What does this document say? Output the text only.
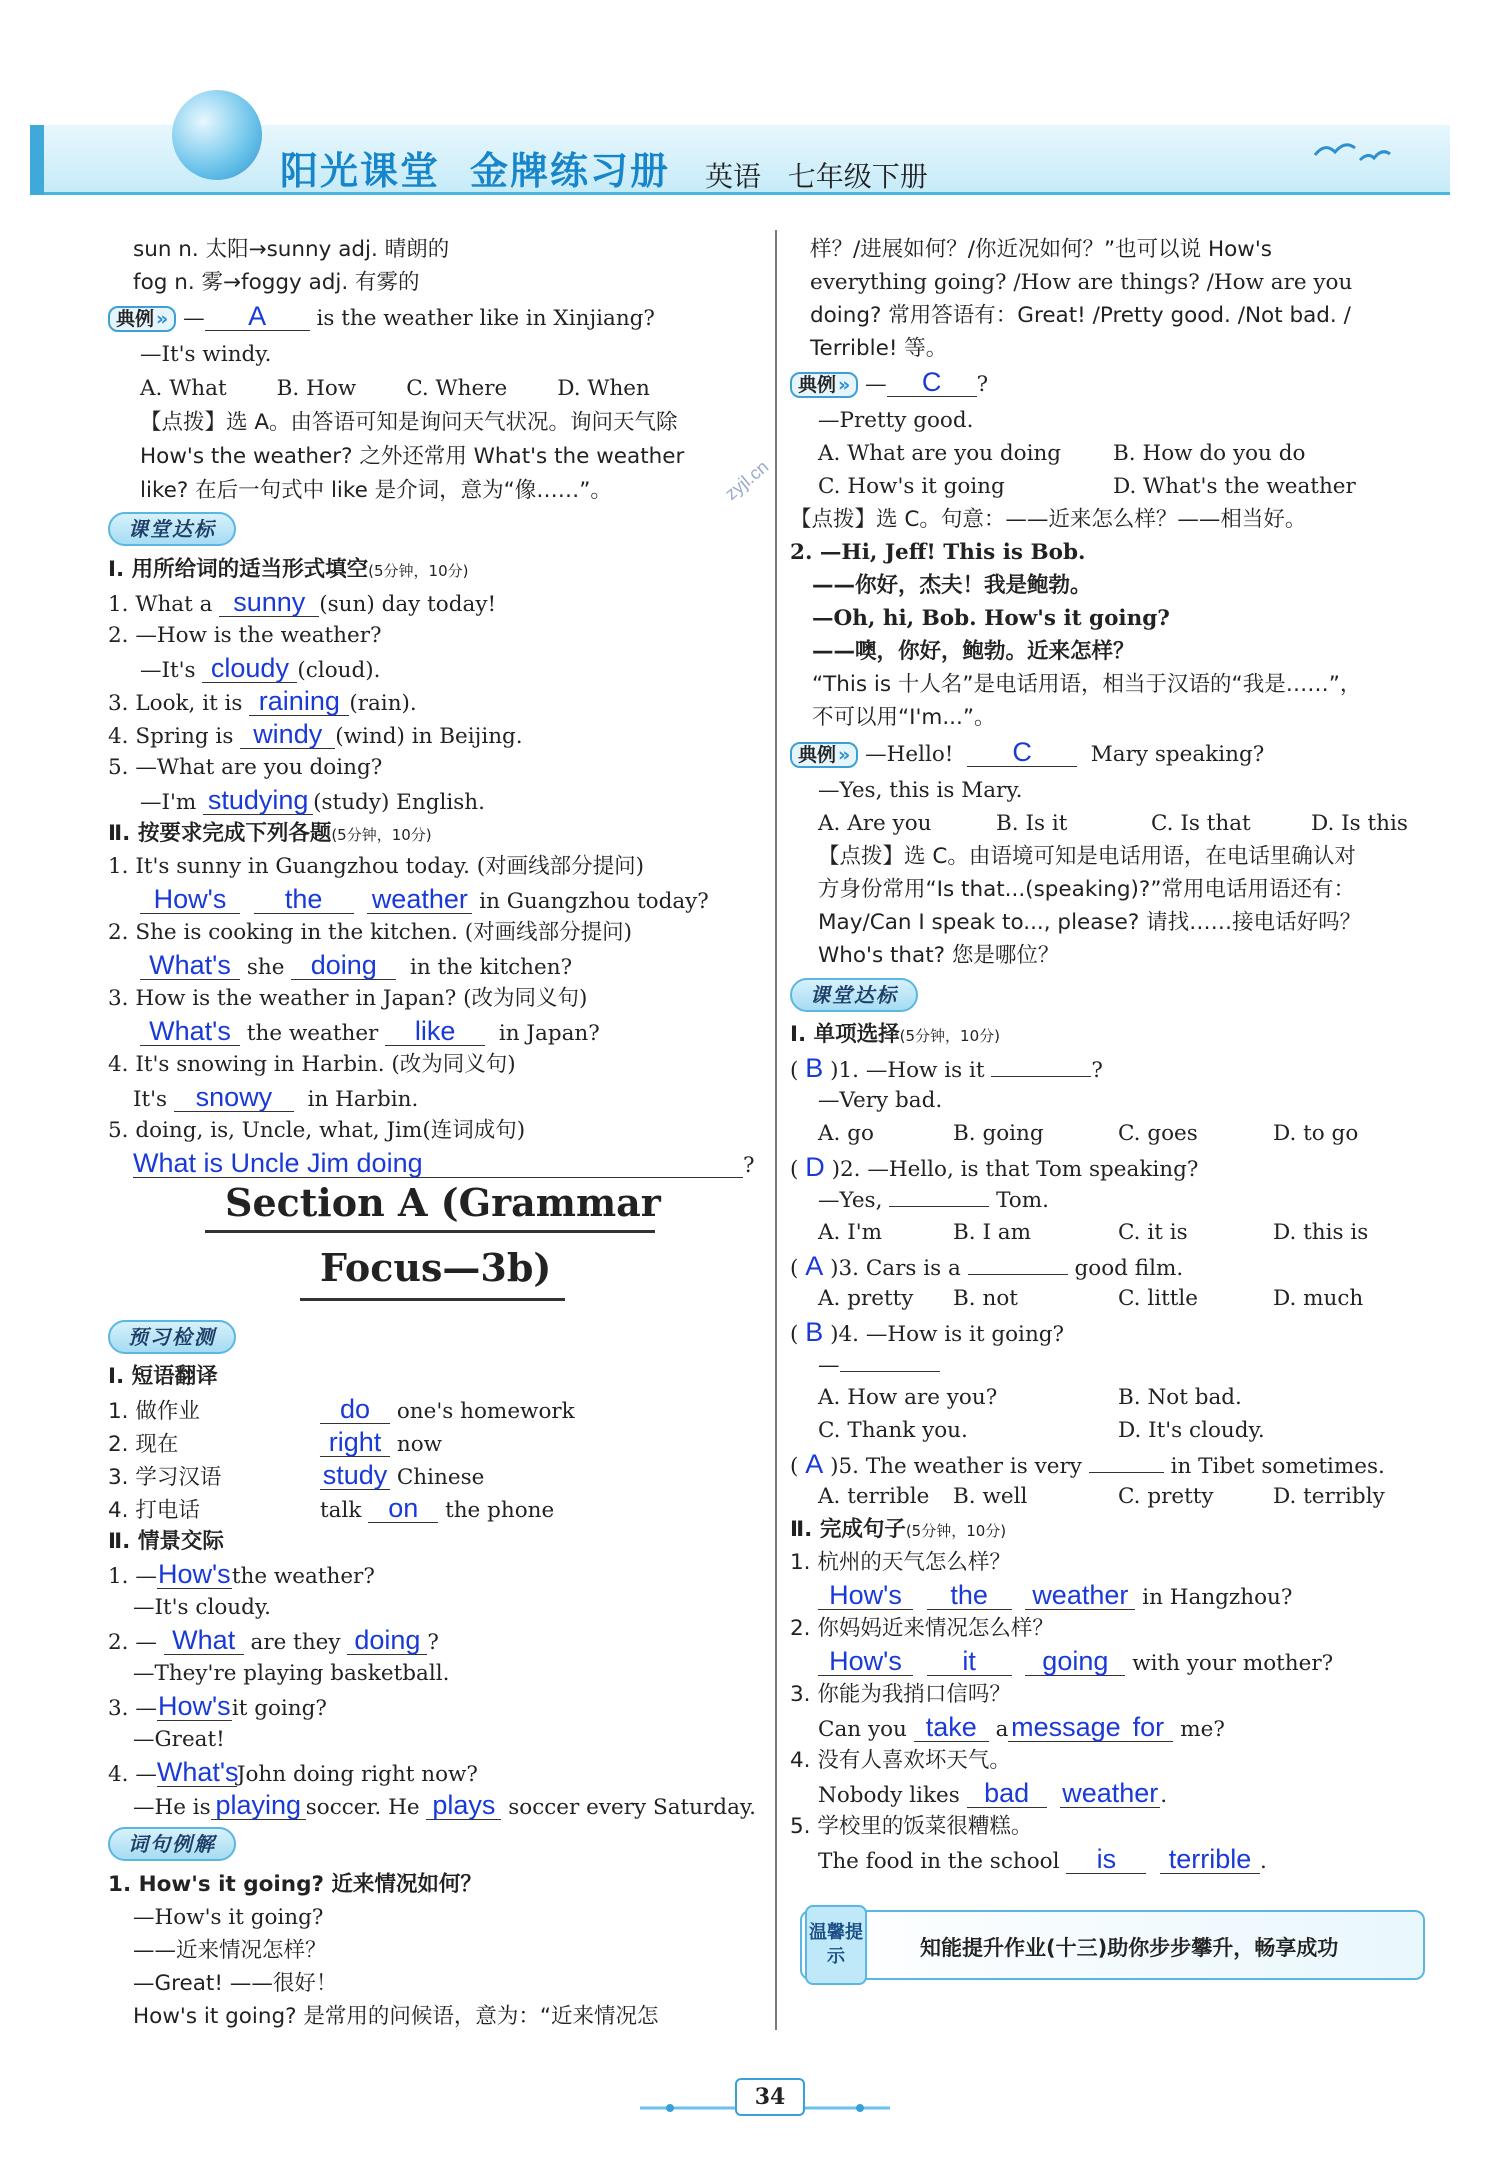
阳光课堂 金牌练习册 英语 七年级下册
zyjl.cn
sun n. 太阳→sunny adj. 晴朗的
fog n. 雾→foggy adj. 有雾的
典例 » — A is the weather like in Xinjiang?
—It's windy.
A. What B. How C. Where D. When
【点拨】选 A。由答语可知是询问天气状况。询问天气除
How's the weather? 之外还常用 What's the weather
like? 在后一句式中 like 是介词，意为“像……”。
课堂达标
Ⅰ. 用所给词的适当形式填空(5分钟，10分)
1. What a sunny (sun) day today!
2. —How is the weather?
—It's cloudy (cloud).
3. Look, it is raining (rain).
4. Spring is windy (wind) in Beijing.
5. —What are you doing?
—I'm studying (study) English.
Ⅱ. 按要求完成下列各题(5分钟，10分)
1. It's sunny in Guangzhou today. (对画线部分提问)
How's the weather in Guangzhou today?
2. She is cooking in the kitchen. (对画线部分提问)
What's she doing in the kitchen?
3. How is the weather in Japan? (改为同义句)
What's the weather like in Japan?
4. It's snowing in Harbin. (改为同义句)
It's snowy in Harbin.
5. doing, is, Uncle, what, Jim(连词成句)
What is Uncle Jim doing	?
Section A (Grammar
Focus—3b)
预习检测
Ⅰ. 短语翻译
1. 做作业	do one's homework
2. 现在	right now
3. 学习汉语	study Chinese
4. 打电话	talk on the phone
Ⅱ. 情景交际
1. —How'sthe weather?
—It's cloudy.
2. — What are they doing ?
—They're playing basketball.
3. —How'sit going?
—Great!
4. —What'sJohn doing right now?
—He is playing soccer. He plays soccer every Saturday.
词句例解
1. How's it going? 近来情况如何？
—How's it going?
——近来情况怎样？
—Great! ——很好！
How's it going? 是常用的问候语，意为：“近来情况怎
样？/进展如何？/你近况如何？”也可以说 How's
everything going? /How are things? /How are you
doing? 常用答语有：Great! /Pretty good. /Not bad. /
Terrible! 等。
典例 » — C ?
—Pretty good.
A. What are you doing B. How do you do
C. How's it going	D. What's the weather
【点拨】选 C。句意：——近来怎么样？——相当好。
2. —Hi, Jeff! This is Bob.
——你好，杰夫！我是鲍勃。
—Oh, hi, Bob. How's it going?
——噢，你好，鲍勃。近来怎样？
“This is 十人名”是电话用语，相当于汉语的“我是……”，
不可以用“I'm...”。
典例 » —Hello! C	Mary speaking?
—Yes, this is Mary.
A. Are you	B. Is it	C. Is that	D. Is this
【点拨】选 C。由语境可知是电话用语，在电话里确认对
方身份常用“Is that...(speaking)?”常用电话用语还有：
May/Can I speak to..., please? 请找……接电话好吗？
Who's that? 您是哪位？
课堂达标
Ⅰ. 单项选择(5分钟，10分)
( B )1. —How is it	?
—Very bad.
A. go	B. going	C. goes	D. to go
( D )2. —Hello, is that Tom speaking?
—Yes,	Tom.
A. I'm	B. I am	C. it is	D. this is
( A )3. Cars is a	good film.
A. pretty B. not	C. little	D. much
( B )4. —How is it going?
—
A. How are you?	B. Not bad.
C. Thank you.	D. It's cloudy.
( A )5. The weather is very	in Tibet sometimes.
A. terrible B. well	C. pretty	D. terribly
Ⅱ. 完成句子(5分钟，10分)
1. 杭州的天气怎么样？
How's the weather in Hangzhou?
2. 你妈妈近来情况怎么样？
How's it going with your mother?
3. 你能为我捎口信吗？
Can you take a message for me?
4. 没有人喜欢坏天气。
Nobody likes bad weather.
5. 学校里的饭菜很糟糕。
The food in the school is terrible .
温馨提示	知能提升作业(十三)助你步步攀升，畅享成功
34
